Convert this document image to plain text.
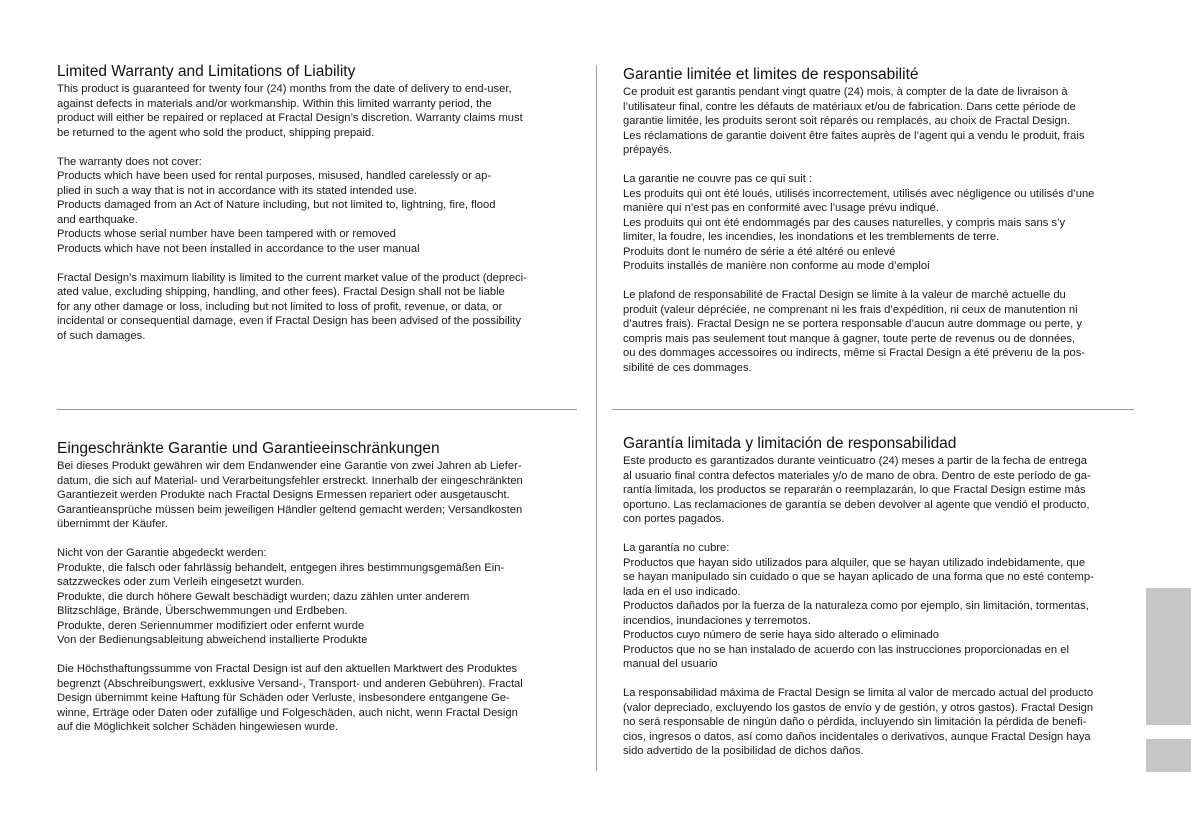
Limited Warranty and Limitations of Liability
This product is guaranteed for twenty four (24) months from the date of delivery to end-user,
against defects in materials and/or workmanship. Within this limited warranty period, the
product will either be repaired or replaced at Fractal Design’s discretion. Warranty claims must
be returned to the agent who sold the product, shipping prepaid.
The warranty does not cover:
Products which have been used for rental purposes, misused, handled carelessly or ap-
plied in such a way that is not in accordance with its stated intended use.
Products damaged from an Act of Nature including, but not limited to, lightning, fire, flood
and earthquake.
Products whose serial number have been tampered with or removed
Products which have not been installed in accordance to the user manual
Fractal Design’s maximum liability is limited to the current market value of the product (depreci-
ated value, excluding shipping, handling, and other fees). Fractal Design shall not be liable
for any other damage or loss, including but not limited to loss of profit, revenue, or data, or
incidental or consequential damage, even if Fractal Design has been advised of the possibility
of such damages.
Garantie limitée et limites de responsabilité
Ce produit est garantis pendant vingt quatre (24) mois, à compter de la date de livraison à
l’utilisateur final, contre les défauts de matériaux et/ou de fabrication. Dans cette période de
garantie limitée, les produits seront soit réparés ou remplacés, au choix de Fractal Design.
Les réclamations de garantie doivent être faites auprès de l’agent qui a vendu le produit, frais
prépayés.
La garantie ne couvre pas ce qui suit :
Les produits qui ont été loués, utilisés incorrectement, utilisés avec négligence ou utilisés d’une
manière qui n’est pas en conformité avec l’usage prévu indiqué.
Les produits qui ont été endommagés par des causes naturelles, y compris mais sans s’y
limiter, la foudre, les incendies, les inondations et les tremblements de terre.
Produits dont le numéro de série a été altéré ou enlevé
Produits installés de manière non conforme au mode d’emploi
Le plafond de responsabilité de Fractal Design se limite à la valeur de marché actuelle du
produit (valeur dépréciée, ne comprenant ni les frais d’expédition, ni ceux de manutention ni
d’autres frais). Fractal Design ne se portera responsable d’aucun autre dommage ou perte, y
compris mais pas seulement tout manque à gagner, toute perte de revenus ou de données,
ou des dommages accessoires ou indirects, même si Fractal Design a été prévenu de la pos-
sibilité de ces dommages.
Eingeschränkte Garantie und Garantieeinschränkungen
Bei dieses Produkt gewähren wir dem Endanwender eine Garantie von zwei Jahren ab Liefer-
datum, die sich auf Material- und Verarbeitungsfehler erstreckt. Innerhalb der eingeschränkten
Garantiezeit werden Produkte nach Fractal Designs Ermessen repariert oder ausgetauscht.
Garantieansprüche müssen beim jeweiligen Händler geltend gemacht werden; Versandkosten
übernimmt der Käufer.
Nicht von der Garantie abgedeckt werden:
Produkte, die falsch oder fahrlässig behandelt, entgegen ihres bestimmungsgemäßen Ein-
satzzweckes oder zum Verleih eingesetzt wurden.
Produkte, die durch höhere Gewalt beschädigt wurden; dazu zählen unter anderem
Blitzschläge, Brände, Überschwemmungen und Erdbeben.
Produkte, deren Seriennummer modifiziert oder enfernt wurde
Von der Bedienungsableitung abweichend installierte Produkte
Die Höchsthaftungssumme von Fractal Design ist auf den aktuellen Marktwert des Produktes
begrenzt (Abschreibungswert, exklusive Versand-, Transport- und anderen Gebühren). Fractal
Design übernimmt keine Haftung für Schäden oder Verluste, insbesondere entgangene Ge-
winne, Erträge oder Daten oder zufällige und Folgeschäden, auch nicht, wenn Fractal Design
auf die Möglichkeit solcher Schäden hingewiesen wurde.
Garantía limitada y limitación de responsabilidad
Este producto es garantizados durante veinticuatro (24) meses a partir de la fecha de entrega
al usuario final contra defectos materiales y/o de mano de obra. Dentro de este período de ga-
rantía limitada, los productos se repararán o reemplazarán, lo que Fractal Design estime más
oportuno. Las reclamaciones de garantía se deben devolver al agente que vendió el producto,
con portes pagados.
La garantía no cubre:
Productos que hayan sido utilizados para alquiler, que se hayan utilizado indebidamente, que
se hayan manipulado sin cuidado o que se hayan aplicado de una forma que no esté contemp-
lada en el uso indicado.
Productos dañados por la fuerza de la naturaleza como por ejemplo, sin limitación, tormentas,
incendios, inundaciones y terremotos.
Productos cuyo número de serie haya sido alterado o eliminado
Productos que no se han instalado de acuerdo con las instrucciones proporcionadas en el
manual del usuario
La responsabilidad máxima de Fractal Design se limita al valor de mercado actual del producto
(valor depreciado, excluyendo los gastos de envío y de gestión, y otros gastos). Fractal Design
no será responsable de ningún daño o pérdida, incluyendo sin limitación la pérdida de benefi-
cios, ingresos o datos, así como daños incidentales o derivativos, aunque Fractal Design haya
sido advertido de la posibilidad de dichos daños.
